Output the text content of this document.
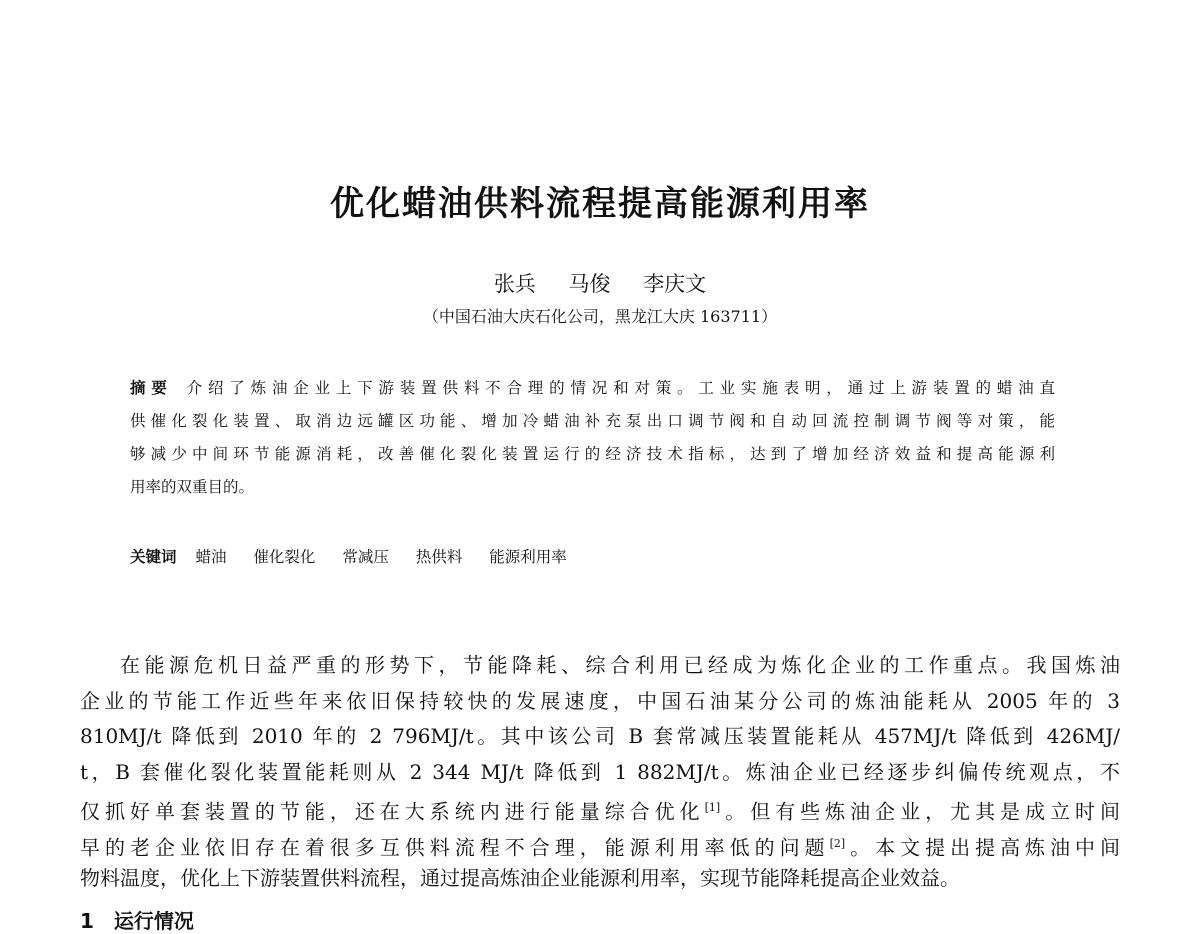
优化蜡油供料流程提高能源利用率
张兵 马俊 李庆文
（中国石油大庆石化公司，黑龙江大庆 163711）
摘要 介绍了炼油企业上下游装置供料不合理的情况和对策。工业实施表明，通过上游装置的蜡油直
供催化裂化装置、取消边远罐区功能、增加冷蜡油补充泵出口调节阀和自动回流控制调节阀等对策，能
够减少中间环节能源消耗，改善催化裂化装置运行的经济技术指标，达到了增加经济效益和提高能源利
用率的双重目的。
关键词 蜡油 催化裂化 常减压 热供料 能源利用率
在能源危机日益严重的形势下，节能降耗、综合利用已经成为炼化企业的工作重点。我国炼油
企业的节能工作近些年来依旧保持较快的发展速度，中国石油某分公司的炼油能耗从 2005 年的 3
810MJ/t 降低到 2010 年的 2 796MJ/t。其中该公司 B 套常减压装置能耗从 457MJ/t 降低到 426MJ/
t，B 套催化裂化装置能耗则从 2 344 MJ/t 降低到 1 882MJ/t。炼油企业已经逐步纠偏传统观点，不
仅抓好单套装置的节能，还在大系统内进行能量综合优化[1]。但有些炼油企业，尤其是成立时间
早的老企业依旧存在着很多互供料流程不合理，能源利用率低的问题[2]。本文提出提高炼油中间
物料温度，优化上下游装置供料流程，通过提高炼油企业能源利用率，实现节能降耗提高企业效益。
1　运行情况
